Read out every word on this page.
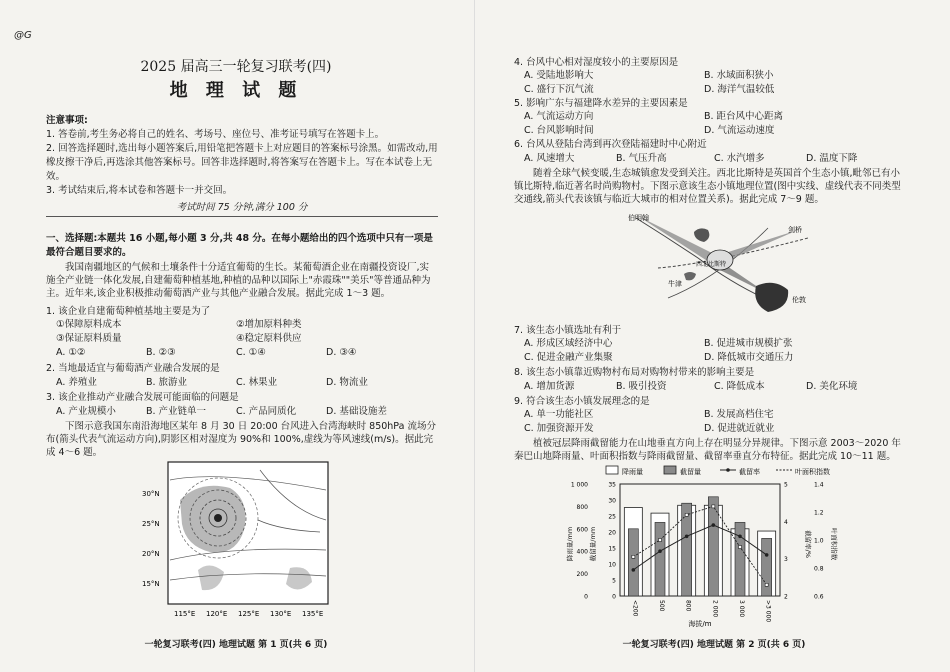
@G
2025 届高三一轮复习联考(四)
地 理 试 题
注意事项:
1. 答卷前,考生务必将自己的姓名、考场号、座位号、准考证号填写在答题卡上。
2. 回答选择题时,选出每小题答案后,用铅笔把答题卡上对应题目的答案标号涂黑。如需改动,用橡皮擦干净后,再选涂其他答案标号。回答非选择题时,将答案写在答题卡上。写在本试卷上无效。
3. 考试结束后,将本试卷和答题卡一并交回。
考试时间 75 分钟,满分 100 分
一、选择题:本题共 16 小题,每小题 3 分,共 48 分。在每小题给出的四个选项中只有一项是最符合题目要求的。
我国南疆地区的气候和土壤条件十分适宜葡萄的生长。某葡萄酒企业在南疆投资设厂,实施全产业链一体化发展,自建葡萄种植基地,种植的品种以国际上"赤霞珠""美乐"等普通品种为主。近年来,该企业积极推动葡萄酒产业与其他产业融合发展。据此完成 1～3 题。
1. 该企业自建葡萄种植基地主要是为了
①保障原料成本	②增加原料种类
③保证原料质量	④稳定原料供应
A. ①②	B. ②③	C. ①④	D. ③④
2. 当地最适宜与葡萄酒产业融合发展的是
A. 养殖业	B. 旅游业	C. 林果业	D. 物流业
3. 该企业推动产业融合发展可能面临的问题是
A. 产业规模小	B. 产业链单一	C. 产品同质化	D. 基础设施差
下图示意我国东南沿海地区某年 8 月 30 日 20:00 台风进入台湾海峡时 850hPa 流场分布(箭头代表气流运动方向),阴影区相对湿度为 90%和 100%,虚线为等风速线(m/s)。据此完成 4～6 题。
30°N
25°N
20°N
15°N
115°E 120°E 125°E 130°E 135°E
一轮复习联考(四) 地理试题 第 1 页(共 6 页)
4. 台风中心相对湿度较小的主要原因是
A. 受陆地影响大	B. 水域面积狭小
C. 盛行下沉气流	D. 海洋气温较低
5. 影响广东与福建降水差异的主要因素是
A. 气流运动方向	B. 距台风中心距离
C. 台风影响时间	D. 气流运动速度
6. 台风从登陆台湾到再次登陆福建时中心附近
A. 风速增大	B. 气压升高	C. 水汽增多	D. 温度下降
随着全球气候变暖,生态城镇愈发受到关注。西北比斯特是英国首个生态小镇,毗邻已有小镇比斯特,临近著名时尚购物村。下图示意该生态小镇地理位置(图中实线、虚线代表不同类型交通线,箭头代表该镇与临近大城市的相对位置关系)。据此完成 7～9 题。
伯明翰
剑桥
西北比斯特
牛津
伦敦
7. 该生态小镇选址有利于
A. 形成区域经济中心	B. 促进城市规模扩张
C. 促进金融产业集聚	D. 降低城市交通压力
8. 该生态小镇靠近购物村布局对购物村带来的影响主要是
A. 增加货源	B. 吸引投资	C. 降低成本	D. 美化环境
9. 符合该生态小镇发展理念的是
A. 单一功能社区	B. 发展高档住宅
C. 加强资源开发	D. 促进就近就业
植被冠层降雨截留能力在山地垂直方向上存在明显分异规律。下图示意 2003～2020 年秦巴山地降雨量、叶面积指数与降雨截留量、截留率垂直分布特征。据此完成 10～11 题。
降雨量	截留量	截留率	叶面积指数
<200	500	800	2 000	3 000	>3 000
1 000
800
600
400
200
0
35
30
25
20
15
10
5
0
5
4
3
2
1.4
1.2
1.0
0.8
0.6
海拔/m
降雨量/mm 截留量/mm	截留率/%	叶面积指数
一轮复习联考(四) 地理试题 第 2 页(共 6 页)
